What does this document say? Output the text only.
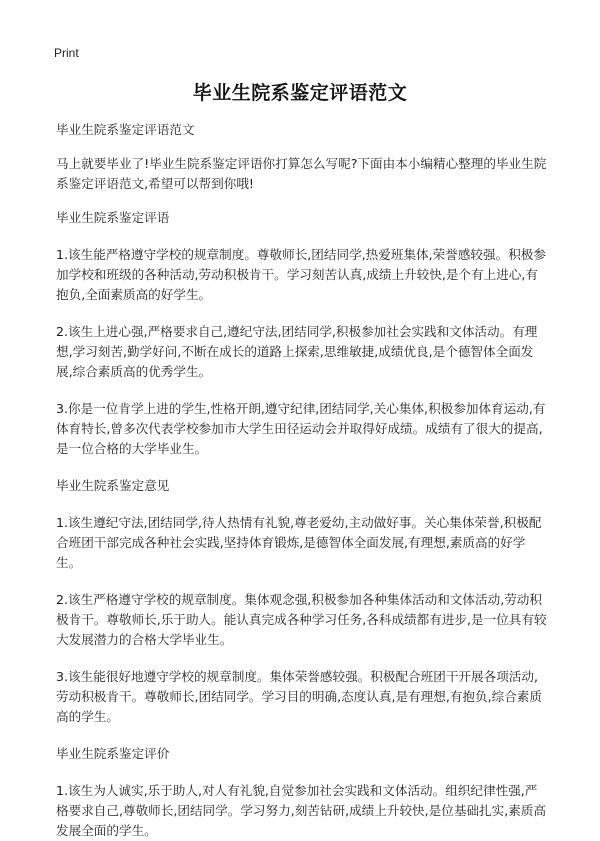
Print
毕业生院系鉴定评语范文

毕业生院系鉴定评语范文

马上就要毕业了!毕业生院系鉴定评语你打算怎么写呢?下面由本小编精心整理的毕业生院系鉴定评语范文,希望可以帮到你哦!

毕业生院系鉴定评语

1.该生能严格遵守学校的规章制度。尊敬师长,团结同学,热爱班集体,荣誉感较强。积极参加学校和班级的各种活动,劳动积极肯干。学习刻苦认真,成绩上升较快,是个有上进心,有抱负,全面素质高的好学生。

2.该生上进心强,严格要求自己,遵纪守法,团结同学,积极参加社会实践和文体活动。有理想,学习刻苦,勤学好问,不断在成长的道路上探索,思维敏捷,成绩优良,是个德智体全面发展,综合素质高的优秀学生。

3.你是一位肯学上进的学生,性格开朗,遵守纪律,团结同学,关心集体,积极参加体育运动,有体育特长,曾多次代表学校参加市大学生田径运动会并取得好成绩。成绩有了很大的提高,是一位合格的大学毕业生。

毕业生院系鉴定意见

1.该生遵纪守法,团结同学,待人热情有礼貌,尊老爱幼,主动做好事。关心集体荣誉,积极配合班团干部完成各种社会实践,坚持体育锻炼,是德智体全面发展,有理想,素质高的好学生。

2.该生严格遵守学校的规章制度。集体观念强,积极参加各种集体活动和文体活动,劳动积极肯干。尊敬师长,乐于助人。能认真完成各种学习任务,各科成绩都有进步,是一位具有较大发展潜力的合格大学毕业生。

3.该生能很好地遵守学校的规章制度。集体荣誉感较强。积极配合班团干开展各项活动,劳动积极肯干。尊敬师长,团结同学。学习目的明确,态度认真,是有理想,有抱负,综合素质高的学生。

毕业生院系鉴定评价

1.该生为人诚实,乐于助人,对人有礼貌,自觉参加社会实践和文体活动。组织纪律性强,严格要求自己,尊敬师长,团结同学。学习努力,刻苦钻研,成绩上升较快,是位基础扎实,素质高发展全面的学生。
